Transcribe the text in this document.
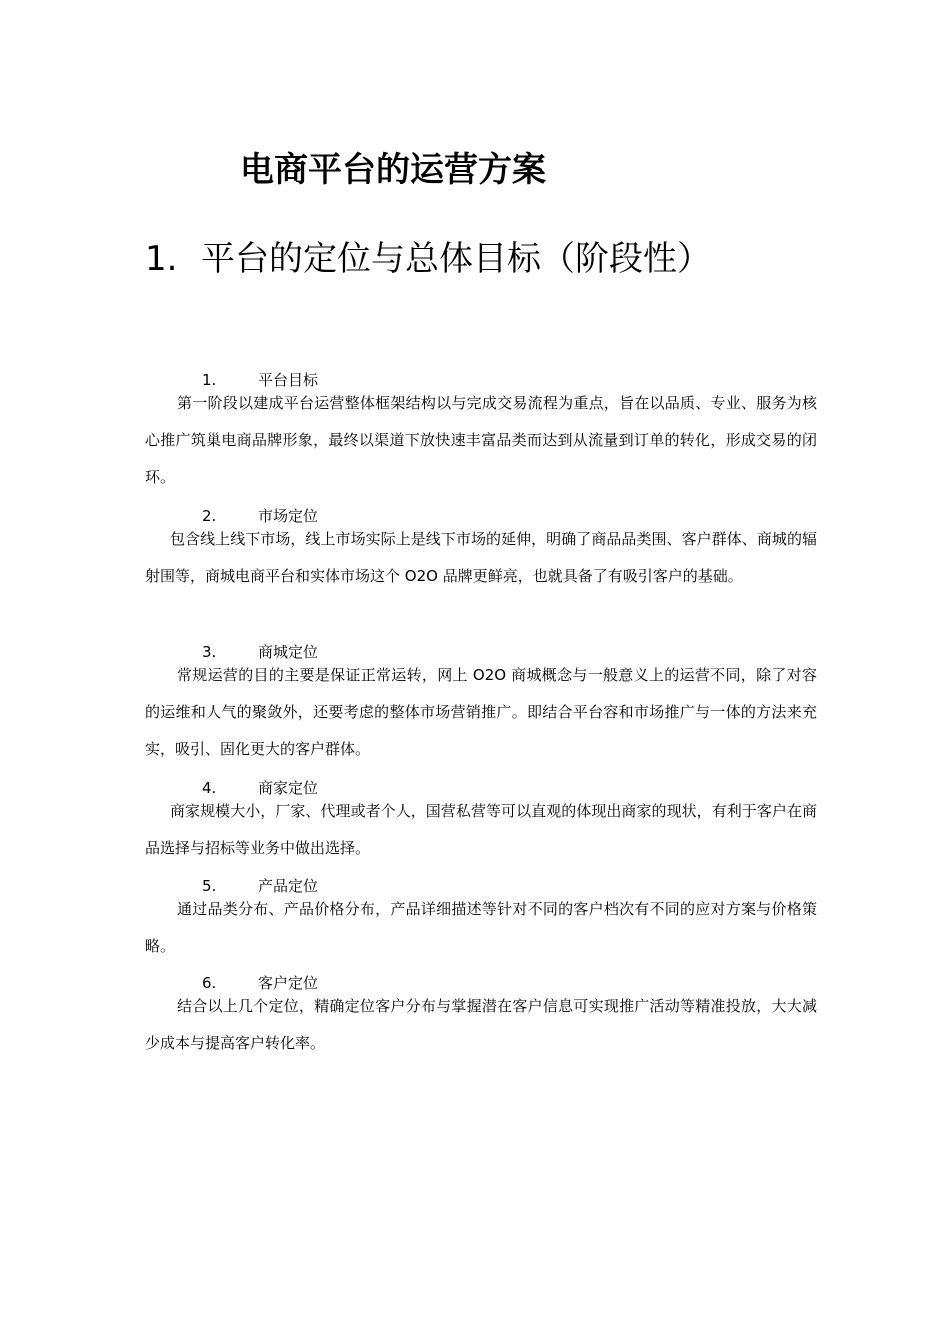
电商平台的运营方案
1. 平台的定位与总体目标（阶段性）
1.	平台目标
第一阶段以建成平台运营整体框架结构以与完成交易流程为重点，旨在以品质、专业、服务为核心推广筑巢电商品牌形象，最终以渠道下放快速丰富品类而达到从流量到订单的转化，形成交易的闭环。
2.	市场定位
包含线上线下市场，线上市场实际上是线下市场的延伸，明确了商品品类围、客户群体、商城的辐射围等，商城电商平台和实体市场这个 O2O 品牌更鲜亮，也就具备了有吸引客户的基础。
3.	商城定位
常规运营的目的主要是保证正常运转，网上 O2O 商城概念与一般意义上的运营不同，除了对容的运维和人气的聚敛外，还要考虑的整体市场营销推广。即结合平台容和市场推广与一体的方法来充实，吸引、固化更大的客户群体。
4.	商家定位
商家规模大小，厂家、代理或者个人，国营私营等可以直观的体现出商家的现状，有利于客户在商品选择与招标等业务中做出选择。
5.	产品定位
通过品类分布、产品价格分布，产品详细描述等针对不同的客户档次有不同的应对方案与价格策略。
6.	客户定位
结合以上几个定位，精确定位客户分布与掌握潜在客户信息可实现推广活动等精准投放，大大减少成本与提高客户转化率。
